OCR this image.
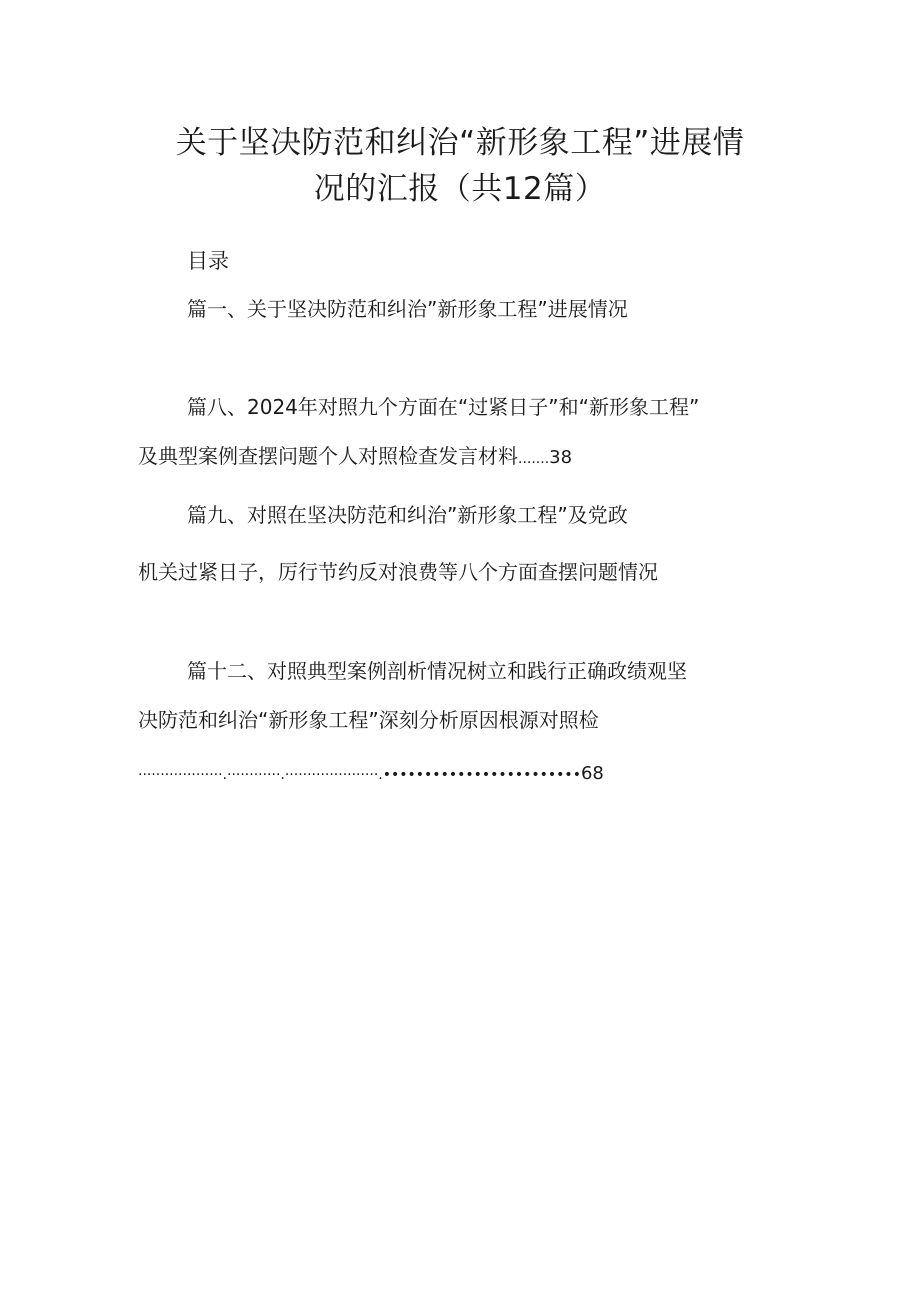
关于坚决防范和纠治“新形象工程”进展情
况的汇报（共12篇）
目录
篇一、关于坚决防范和纠治”新形象工程”进展情况
篇八、2024年对照九个方面在“过紧日子”和“新形象工程”
及典型案例查摆问题个人对照检查发言材料.......38
篇九、对照在坚决防范和纠治”新形象工程”及党政
机关过紧日子，厉行节约反对浪费等八个方面查摆问题情况
篇十二、对照典型案例剖析情况树立和践行正确政绩观坚
决防范和纠治“新形象工程”深刻分析原因根源对照检
···················.············.·····················.••••••••••••••••••••••••68
